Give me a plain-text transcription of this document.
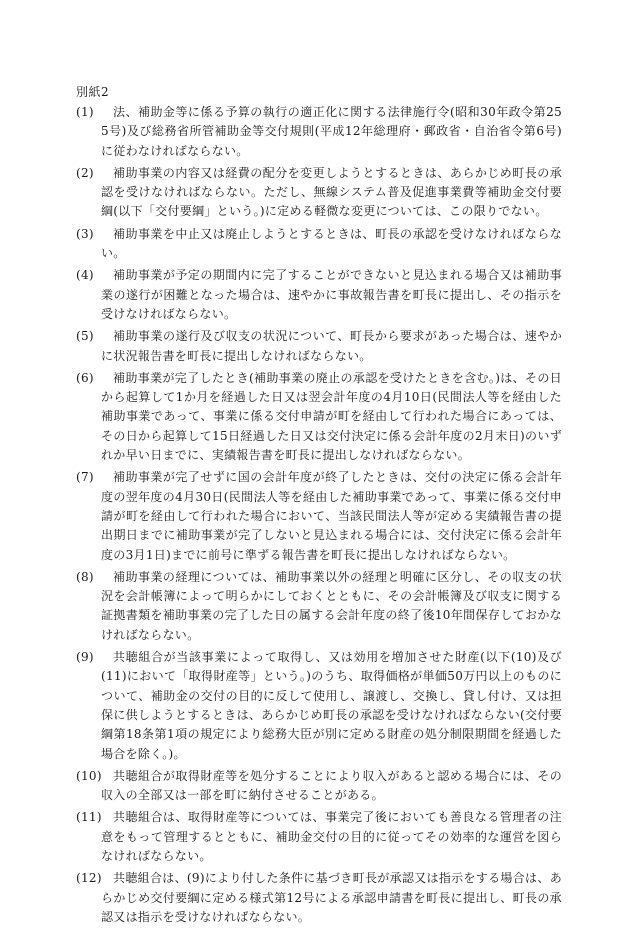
別紙2
(1)	法、補助金等に係る予算の執行の適正化に関する法律施行令(昭和30年政令第255号)及び総務省所管補助金等交付規則(平成12年総理府・郵政省・自治省令第6号)に従わなければならない。
(2)	補助事業の内容又は経費の配分を変更しようとするときは、あらかじめ町長の承認を受けなければならない。ただし、無線システム普及促進事業費等補助金交付要綱(以下「交付要綱」という。)に定める軽微な変更については、この限りでない。
(3)	補助事業を中止又は廃止しようとするときは、町長の承認を受けなければならない。
(4)	補助事業が予定の期間内に完了することができないと見込まれる場合又は補助事業の遂行が困難となった場合は、速やかに事故報告書を町長に提出し、その指示を受けなければならない。
(5)	補助事業の遂行及び収支の状況について、町長から要求があった場合は、速やかに状況報告書を町長に提出しなければならない。
(6)	補助事業が完了したとき(補助事業の廃止の承認を受けたときを含む。)は、その日から起算して1か月を経過した日又は翌会計年度の4月10日(民間法人等を経由した補助事業であって、事業に係る交付申請が町を経由して行われた場合にあっては、その日から起算して15日経過した日又は交付決定に係る会計年度の2月末日)のいずれか早い日までに、実績報告書を町長に提出しなければならない。
(7)	補助事業が完了せずに国の会計年度が終了したときは、交付の決定に係る会計年度の翌年度の4月30日(民間法人等を経由した補助事業であって、事業に係る交付申請が町を経由して行われた場合において、当該民間法人等が定める実績報告書の提出期日までに補助事業が完了しないと見込まれる場合には、交付決定に係る会計年度の3月1日)までに前号に準ずる報告書を町長に提出しなければならない。
(8)	補助事業の経理については、補助事業以外の経理と明確に区分し、その収支の状況を会計帳簿によって明らかにしておくとともに、その会計帳簿及び収支に関する証拠書類を補助事業の完了した日の属する会計年度の終了後10年間保存しておかなければならない。
(9)	共聴組合が当該事業によって取得し、又は効用を増加させた財産(以下(10)及び(11)において「取得財産等」という。)のうち、取得価格が単価50万円以上のものについて、補助金の交付の目的に反して使用し、譲渡し、交換し、貸し付け、又は担保に供しようとするときは、あらかじめ町長の承認を受けなければならない(交付要綱第18条第1項の規定により総務大臣が別に定める財産の処分制限期間を経過した場合を除く。)。
(10) 共聴組合が取得財産等を処分することにより収入があると認める場合には、その収入の全部又は一部を町に納付させることがある。
(11) 共聴組合は、取得財産等については、事業完了後においても善良なる管理者の注意をもって管理するとともに、補助金交付の目的に従ってその効率的な運営を図らなければならない。
(12) 共聴組合は、(9)により付した条件に基づき町長が承認又は指示をする場合は、あらかじめ交付要綱に定める様式第12号による承認申請書を町長に提出し、町長の承認又は指示を受けなければならない。
